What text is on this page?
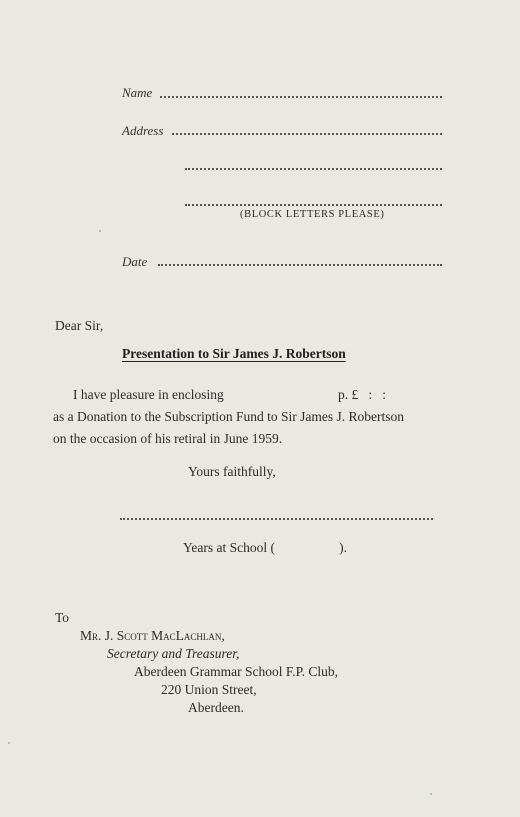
Name
Address
(BLOCK LETTERS PLEASE)
Date
Dear Sir,
Presentation to Sir James J. Robertson
I have pleasure in enclosing	p. £   :   :
as a Donation to the Subscription Fund to Sir James J. Robertson
on the occasion of his retiral in June 1959.
Yours faithfully,
Years at School (                   ).
To
Mr. J. Scott MacLachlan,
Secretary and Treasurer,
Aberdeen Grammar School F.P. Club,
220 Union Street,
Aberdeen.
